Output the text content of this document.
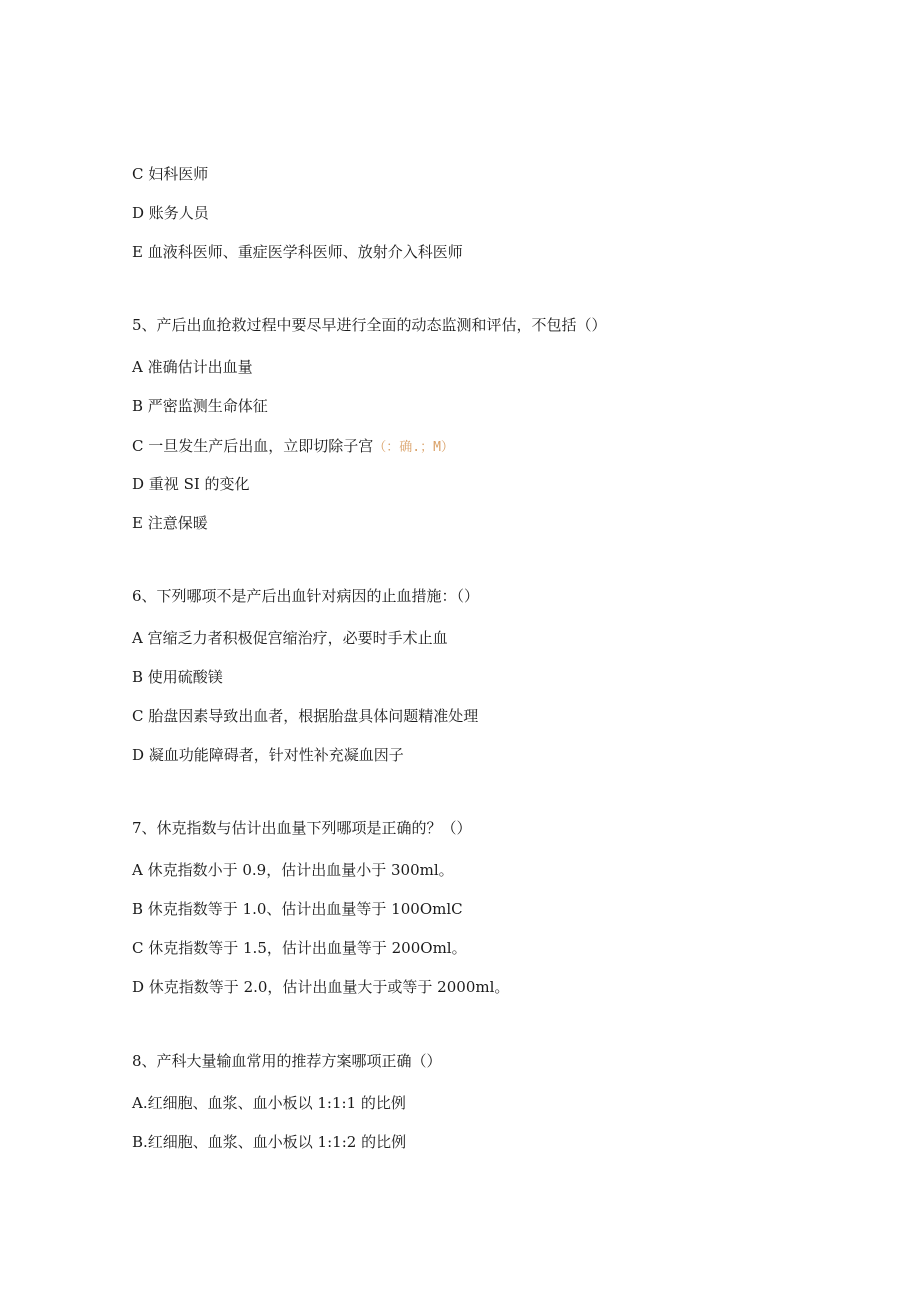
C 妇科医师
D 账务人员
E 血液科医师、重症医学科医师、放射介入科医师
5、产后出血抢救过程中要尽早进行全面的动态监测和评估，不包括（）
A 准确估计出血量
B 严密监测生命体征
C 一旦发生产后出血，立即切除子宫（：确.；M）
D 重视 SI 的变化
E 注意保暖
6、下列哪项不是产后出血针对病因的止血措施：（）
A 宫缩乏力者积极促宫缩治疗，必要时手术止血
B 使用硫酸镁
C 胎盘因素导致出血者，根据胎盘具体问题精准处理
D 凝血功能障碍者，针对性补充凝血因子
7、休克指数与估计出血量下列哪项是正确的？（）
A 休克指数小于 0.9，估计出血量小于 300ml。
B 休克指数等于 1.0、估计出血量等于 100OmlC
C 休克指数等于 1.5，估计出血量等于 200Oml。
D 休克指数等于 2.0，估计出血量大于或等于 2000ml。
8、产科大量输血常用的推荐方案哪项正确（）
A.红细胞、血浆、血小板以 1:1:1 的比例
B.红细胞、血浆、血小板以 1:1:2 的比例
